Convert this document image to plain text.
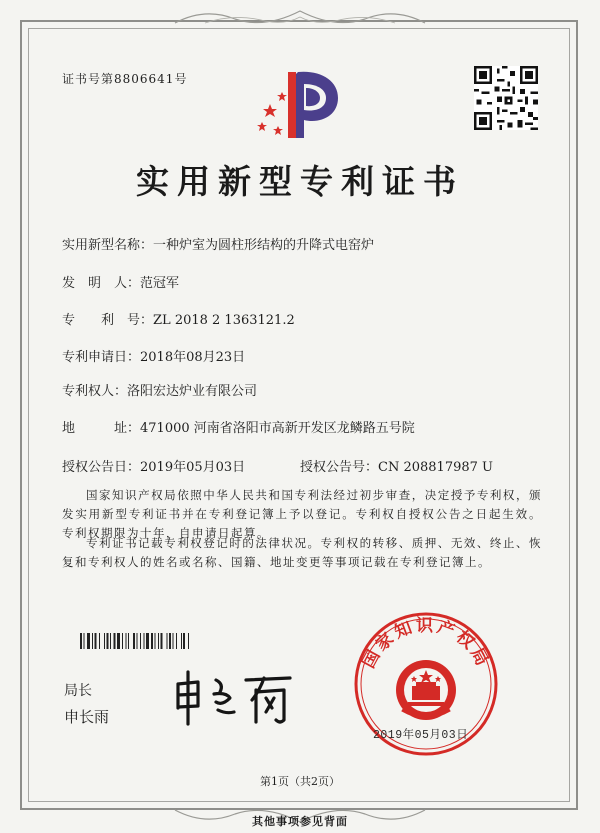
证书号第8806641号
实用新型专利证书
实用新型名称：一种炉室为圆柱形结构的升降式电窑炉
发　明　人：范冠军
专　　利　号：ZL 2018 2 1363121.2
专利申请日：2018年08月23日
专利权人：洛阳宏达炉业有限公司
地　　　址：471000 河南省洛阳市高新开发区龙鳞路五号院
授权公告日：2019年05月03日	授权公告号：CN 208817987 U
国家知识产权局依照中华人民共和国专利法经过初步审查，决定授予专利权，颁发实用新型专利证书并在专利登记簿上予以登记。专利权自授权公告之日起生效。专利权期限为十年，自申请日起算。
专利证书记载专利权登记时的法律状况。专利权的转移、质押、无效、终止、恢复和专利权人的姓名或名称、国籍、地址变更等事项记载在专利登记簿上。
局长
申长雨
国家知识产权局
2019年05月03日
第1页（共2页）
其他事项参见背面
